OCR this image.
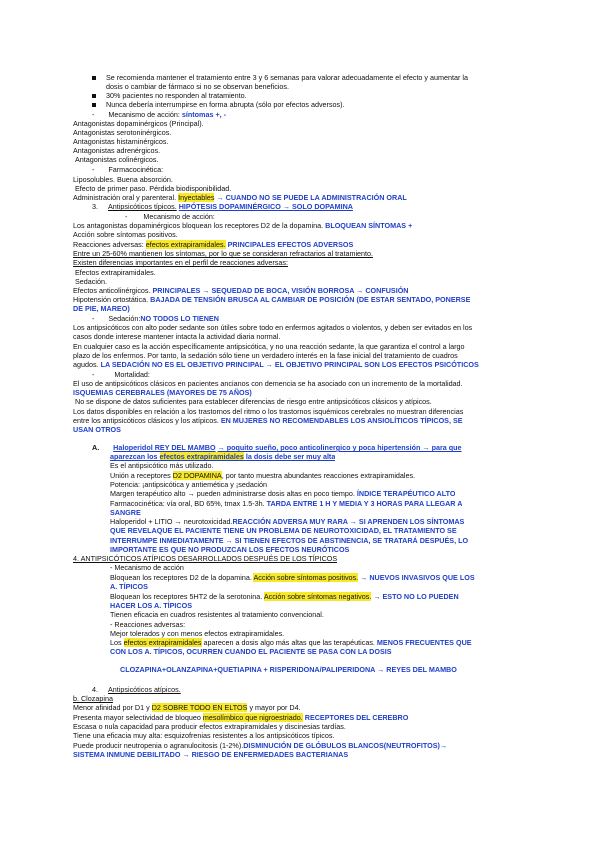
Se recomienda mantener el tratamiento entre 3 y 6 semanas para valorar adecuadamente el efecto y aumentar la
dosis o cambiar de fármaco si no se observan beneficios.
30% pacientes no responden al tratamiento.
Nunca debería interrumpirse en forma abrupta (sólo por efectos adversos).
-       Mecanismo de acción: síntomas +, -
Antagonistas dopaminérgicos (Principal).
Antagonistas serotoninérgicos.
Antagonistas histaminérgicos.
Antagonistas adrenérgicos.
Antagonistas colinérgicos.
-       Farmacocinética:
Liposolubles. Buena absorción.
Efecto de primer paso. Pérdida biodisponibilidad.
Administración oral y parenteral. Inyectables → CUANDO NO SE PUEDE LA ADMINISTRACIÓN ORAL
3. Antipsicóticos típicos. HIPÓTESIS DOPAMINÉRGICO → SOLO DOPAMINA
-        Mecanismo de acción:
Los antagonistas dopaminérgicos bloquean los receptores D2 de la dopamina. BLOQUEAN SÍNTOMAS +
Acción sobre síntomas positivos.
Reacciones adversas: efectos extrapiramidales. PRINCIPALES EFECTOS ADVERSOS
Entre un 25-60% mantienen los síntomas, por lo que se consideran refractarios al tratamiento.
Existen diferencias importantes en el perfil de reacciones adversas:
Efectos extrapiramidales.
Sedación.
Efectos anticolinérgicos. PRINCIPALES → SEQUEDAD DE BOCA, VISIÓN BORROSA → CONFUSIÓN
Hipotensión ortostática. BAJADA DE TENSIÓN BRUSCA AL CAMBIAR DE POSICIÓN (DE ESTAR SENTADO, PONERSE
DE PIE, MAREO)
-       Sedación:NO TODOS LO TIENEN
Los antipsicóticos con alto poder sedante son útiles sobre todo en enfermos agitados o violentos, y deben ser evitados en los
casos donde interese mantener intacta la actividad diaria normal.
En cualquier caso es la acción específicamente antipsicótica, y no una reacción sedante, la que garantiza el control a largo
plazo de los enfermos. Por tanto, la sedación sólo tiene un verdadero interés en la fase inicial del tratamiento de cuadros
agudos. LA SEDACIÓN NO ES EL OBJETIVO PRINCIPAL → EL OBJETIVO PRINCIPAL SON LOS EFECTOS PSICÓTICOS
-          Mortalidad:
El uso de antipsicóticos clásicos en pacientes ancianos con demencia se ha asociado con un incremento de la mortalidad.
ISQUEMIAS CEREBRALES (MAYORES DE 75 AÑOS)
No se dispone de datos suficientes para establecer diferencias de riesgo entre antipsicóticos clásicos y atípicos.
Los datos disponibles en relación a los trastornos del ritmo o los trastornos isquémicos cerebrales no muestran diferencias
entre los antipsicóticos clásicos y los atípicos. EN MUJERES NO RECOMENDABLES LOS ANSIOLÍTICOS TÍPICOS, SE
USAN OTROS
A. Haloperidol REY DEL MAMBO → poquito sueño, poco anticolinergico y poca hipertensión → para que
aparezcan los efectos extrapiramidales la dosis debe ser muy alta
Es el antipsicótico más utilizado.
Unión a receptores D2 DOPAMINA, por tanto muestra abundantes reacciones extrapiramidales.
Potencia: ¡antipsicótica y antiemética y ¡sedación
Margen terapéutico alto → pueden administrarse dosis altas en poco tiempo. ÍNDICE TERAPÉUTICO ALTO
Farmacocinética: vía oral, BD 65%, tmax 1.5-3h. TARDA ENTRE 1 H Y MEDIA Y 3 HORAS PARA LLEGAR A
SANGRE
Haloperidol + LITIO → neurotoxicidad.REACCIÓN ADVERSA MUY RARA → SI APRENDEN LOS SÍNTOMAS
QUE REVELAQUE EL PACIENTE TIENE UN PROBLEMA DE NEUROTOXICIDAD, EL TRATAMIENTO SE
INTERRUMPE INMEDIATAMENTE → SI TIENEN EFECTOS DE ABSTINENCIA, SE TRATARÁ DESPUÉS, LO
IMPORTANTE ES QUE NO PRODUZCAN LOS EFECTOS NEURÓTICOS
4. ANTIPSICÓTICOS ATÍPICOS DESARROLLADOS DESPUÉS DE LOS TÍPICOS
- Mecanismo de acción
Bloquean los receptores D2 de la dopamina. Acción sobre síntomas positivos. → NUEVOS INVASIVOS QUE LOS
A. TÍPICOS
Bloquean los receptores 5HT2 de la serotonina. Acción sobre síntomas negativos. → ESTO NO LO PUEDEN
HACER LOS A. TÍPICOS
Tienen eficacia en cuadros resistentes al tratamiento convencional.
- Reacciones adversas:
Mejor tolerados y con menos efectos extrapiramidales.
Los efectos extrapiramidales aparecen a dosis algo más altas que las terapéuticas. MENOS FRECUENTES QUE
CON LOS A. TÍPICOS, OCURREN CUANDO EL PACIENTE SE PASA CON LA DOSIS
CLOZAPINA+OLANZAPINA+QUETIAPINA + RISPERIDONA/PALIPERIDONA → REYES DEL MAMBO
4. Antipsicóticos atípicos.
b. Clozapina
Menor afinidad por D1 y D2 SOBRE TODO EN ELTOS y mayor por D4.
Presenta mayor selectividad de bloqueo mesolímbico que nigroestriado. RECEPTORES DEL CEREBRO
Escasa o nula capacidad para producir efectos extrapiramidales y discinesias tardías.
Tiene una eficacia muy alta: esquizofrenias resistentes a los antipsicóticos típicos.
Puede producir neutropenia o agranulocitosis (1-2%).DISMINUCIÓN DE GLÓBULOS BLANCOS(NEUTROFITOS)→
SISTEMA INMUNE DEBILITADO → RIESGO DE ENFERMEDADES BACTERIANAS
